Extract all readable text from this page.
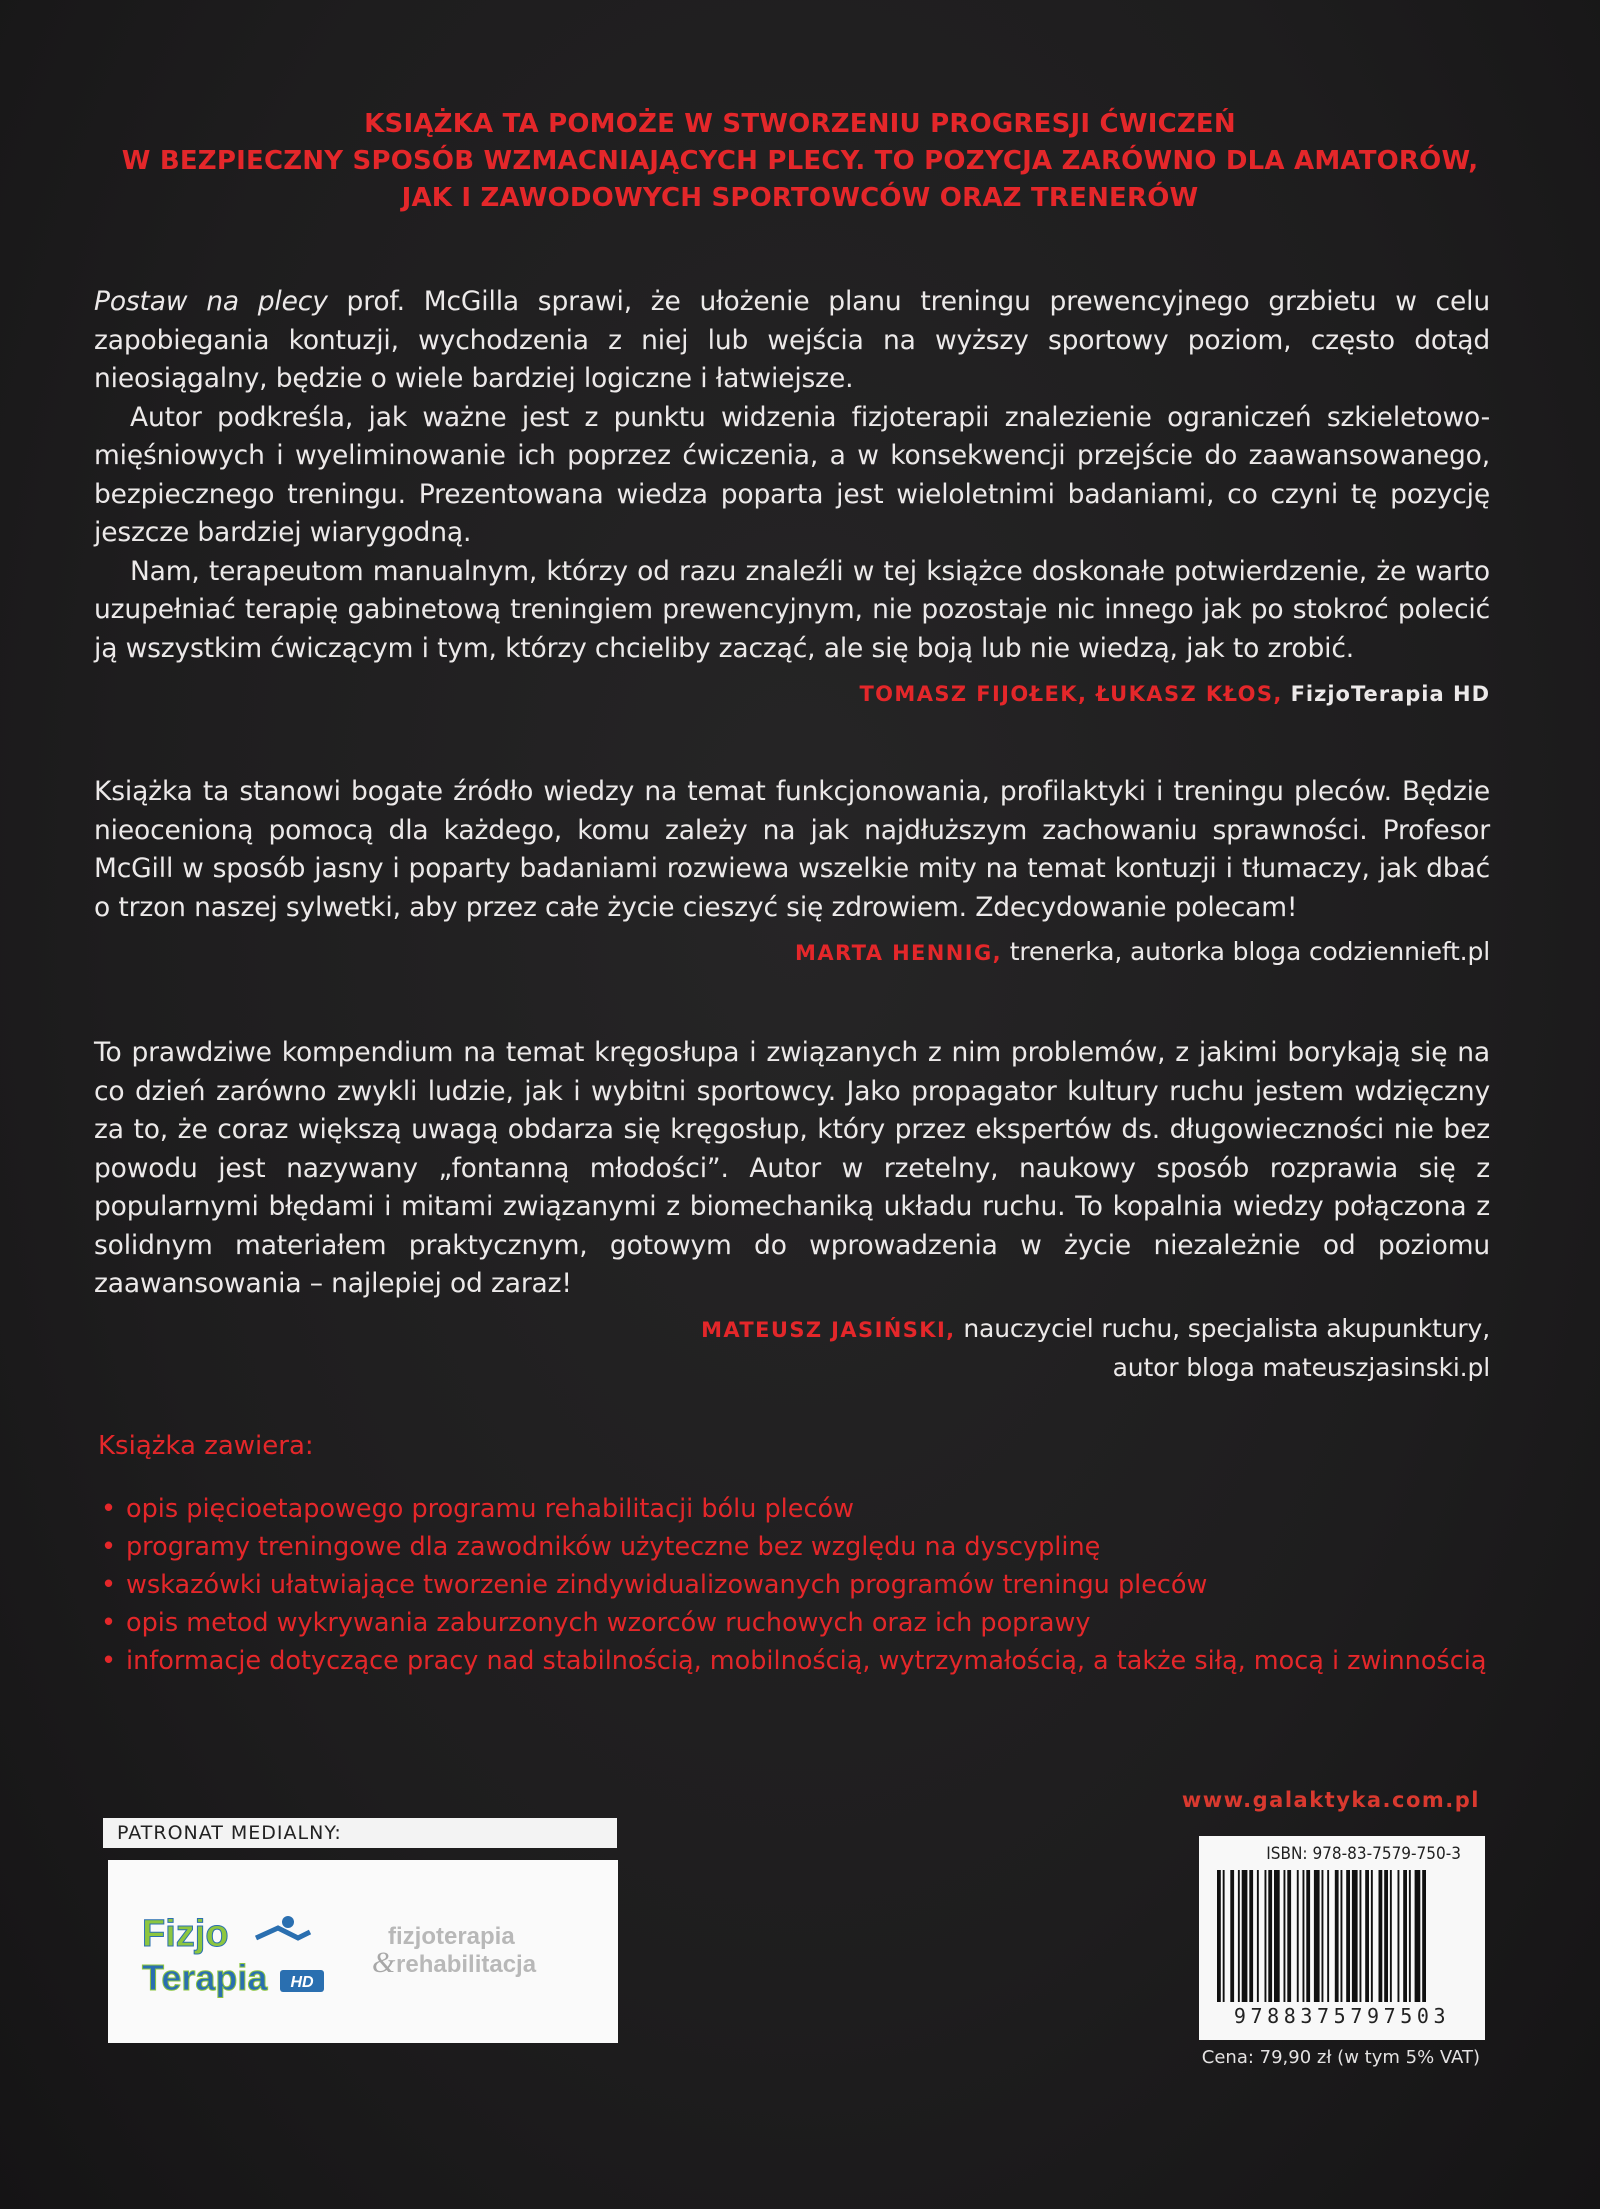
KSIĄŻKA TA POMOŻE W STWORZENIU PROGRESJI ĆWICZEŃ
W BEZPIECZNY SPOSÓB WZMACNIAJĄCYCH PLECY. TO POZYCJA ZARÓWNO DLA AMATORÓW,
JAK I ZAWODOWYCH SPORTOWCÓW ORAZ TRENERÓW

Postaw na plecy prof. McGilla sprawi, że ułożenie planu treningu prewencyjnego grzbietu w celu zapobiegania kontuzji, wychodzenia z niej lub wejścia na wyższy sportowy poziom, często dotąd nieosiągalny, będzie o wiele bardziej logiczne i łatwiejsze.

Autor podkreśla, jak ważne jest z punktu widzenia fizjoterapii znalezienie ograniczeń szkieletowo-mięśniowych i wyeliminowanie ich poprzez ćwiczenia, a w konsekwencji przejście do zaawansowanego, bezpiecznego treningu. Prezentowana wiedza poparta jest wieloletnimi badaniami, co czyni tę pozycję jeszcze bardziej wiarygodną.

Nam, terapeutom manualnym, którzy od razu znaleźli w tej książce doskonałe potwierdzenie, że warto uzupełniać terapię gabinetową treningiem prewencyjnym, nie pozostaje nic innego jak po stokroć polecić ją wszystkim ćwiczącym i tym, którzy chcieliby zacząć, ale się boją lub nie wiedzą, jak to zrobić.

TOMASZ FIJOŁEK, ŁUKASZ KŁOS, FizjoTerapia HD

Książka ta stanowi bogate źródło wiedzy na temat funkcjonowania, profilaktyki i treningu pleców. Będzie nieocenioną pomocą dla każdego, komu zależy na jak najdłuższym zachowaniu sprawności. Profesor McGill w sposób jasny i poparty badaniami rozwiewa wszelkie mity na temat kontuzji i tłumaczy, jak dbać o trzon naszej sylwetki, aby przez całe życie cieszyć się zdrowiem. Zdecydowanie polecam!

MARTA HENNIG, trenerka, autorka bloga codziennieft.pl

To prawdziwe kompendium na temat kręgosłupa i związanych z nim problemów, z jakimi borykają się na co dzień zarówno zwykli ludzie, jak i wybitni sportowcy. Jako propagator kultury ruchu jestem wdzięczny za to, że coraz większą uwagą obdarza się kręgosłup, który przez ekspertów ds. długowieczności nie bez powodu jest nazywany „fontanną młodości”. Autor w rzetelny, naukowy sposób rozprawia się z popularnymi błędami i mitami związanymi z biomechaniką układu ruchu. To kopalnia wiedzy połączona z solidnym materiałem praktycznym, gotowym do wprowadzenia w życie niezależnie od poziomu zaawansowania – najlepiej od zaraz!

MATEUSZ JASIŃSKI, nauczyciel ruchu, specjalista akupunktury,
autor bloga mateuszjasinski.pl
Książka zawiera:
• opis pięcioetapowego programu rehabilitacji bólu pleców
• programy treningowe dla zawodników użyteczne bez względu na dyscyplinę
• wskazówki ułatwiające tworzenie zindywidualizowanych programów treningu pleców
• opis metod wykrywania zaburzonych wzorców ruchowych oraz ich poprawy
• informacje dotyczące pracy nad stabilnością, mobilnością, wytrzymałością, a także siłą, mocą i zwinnością
PATRONAT MEDIALNY:
Fizjo
Terapia HD
fizjoterapia
& rehabilitacja
www.galaktyka.com.pl
ISBN: 978-83-7579-750-3
9788375797503
Cena: 79,90 zł (w tym 5% VAT)
